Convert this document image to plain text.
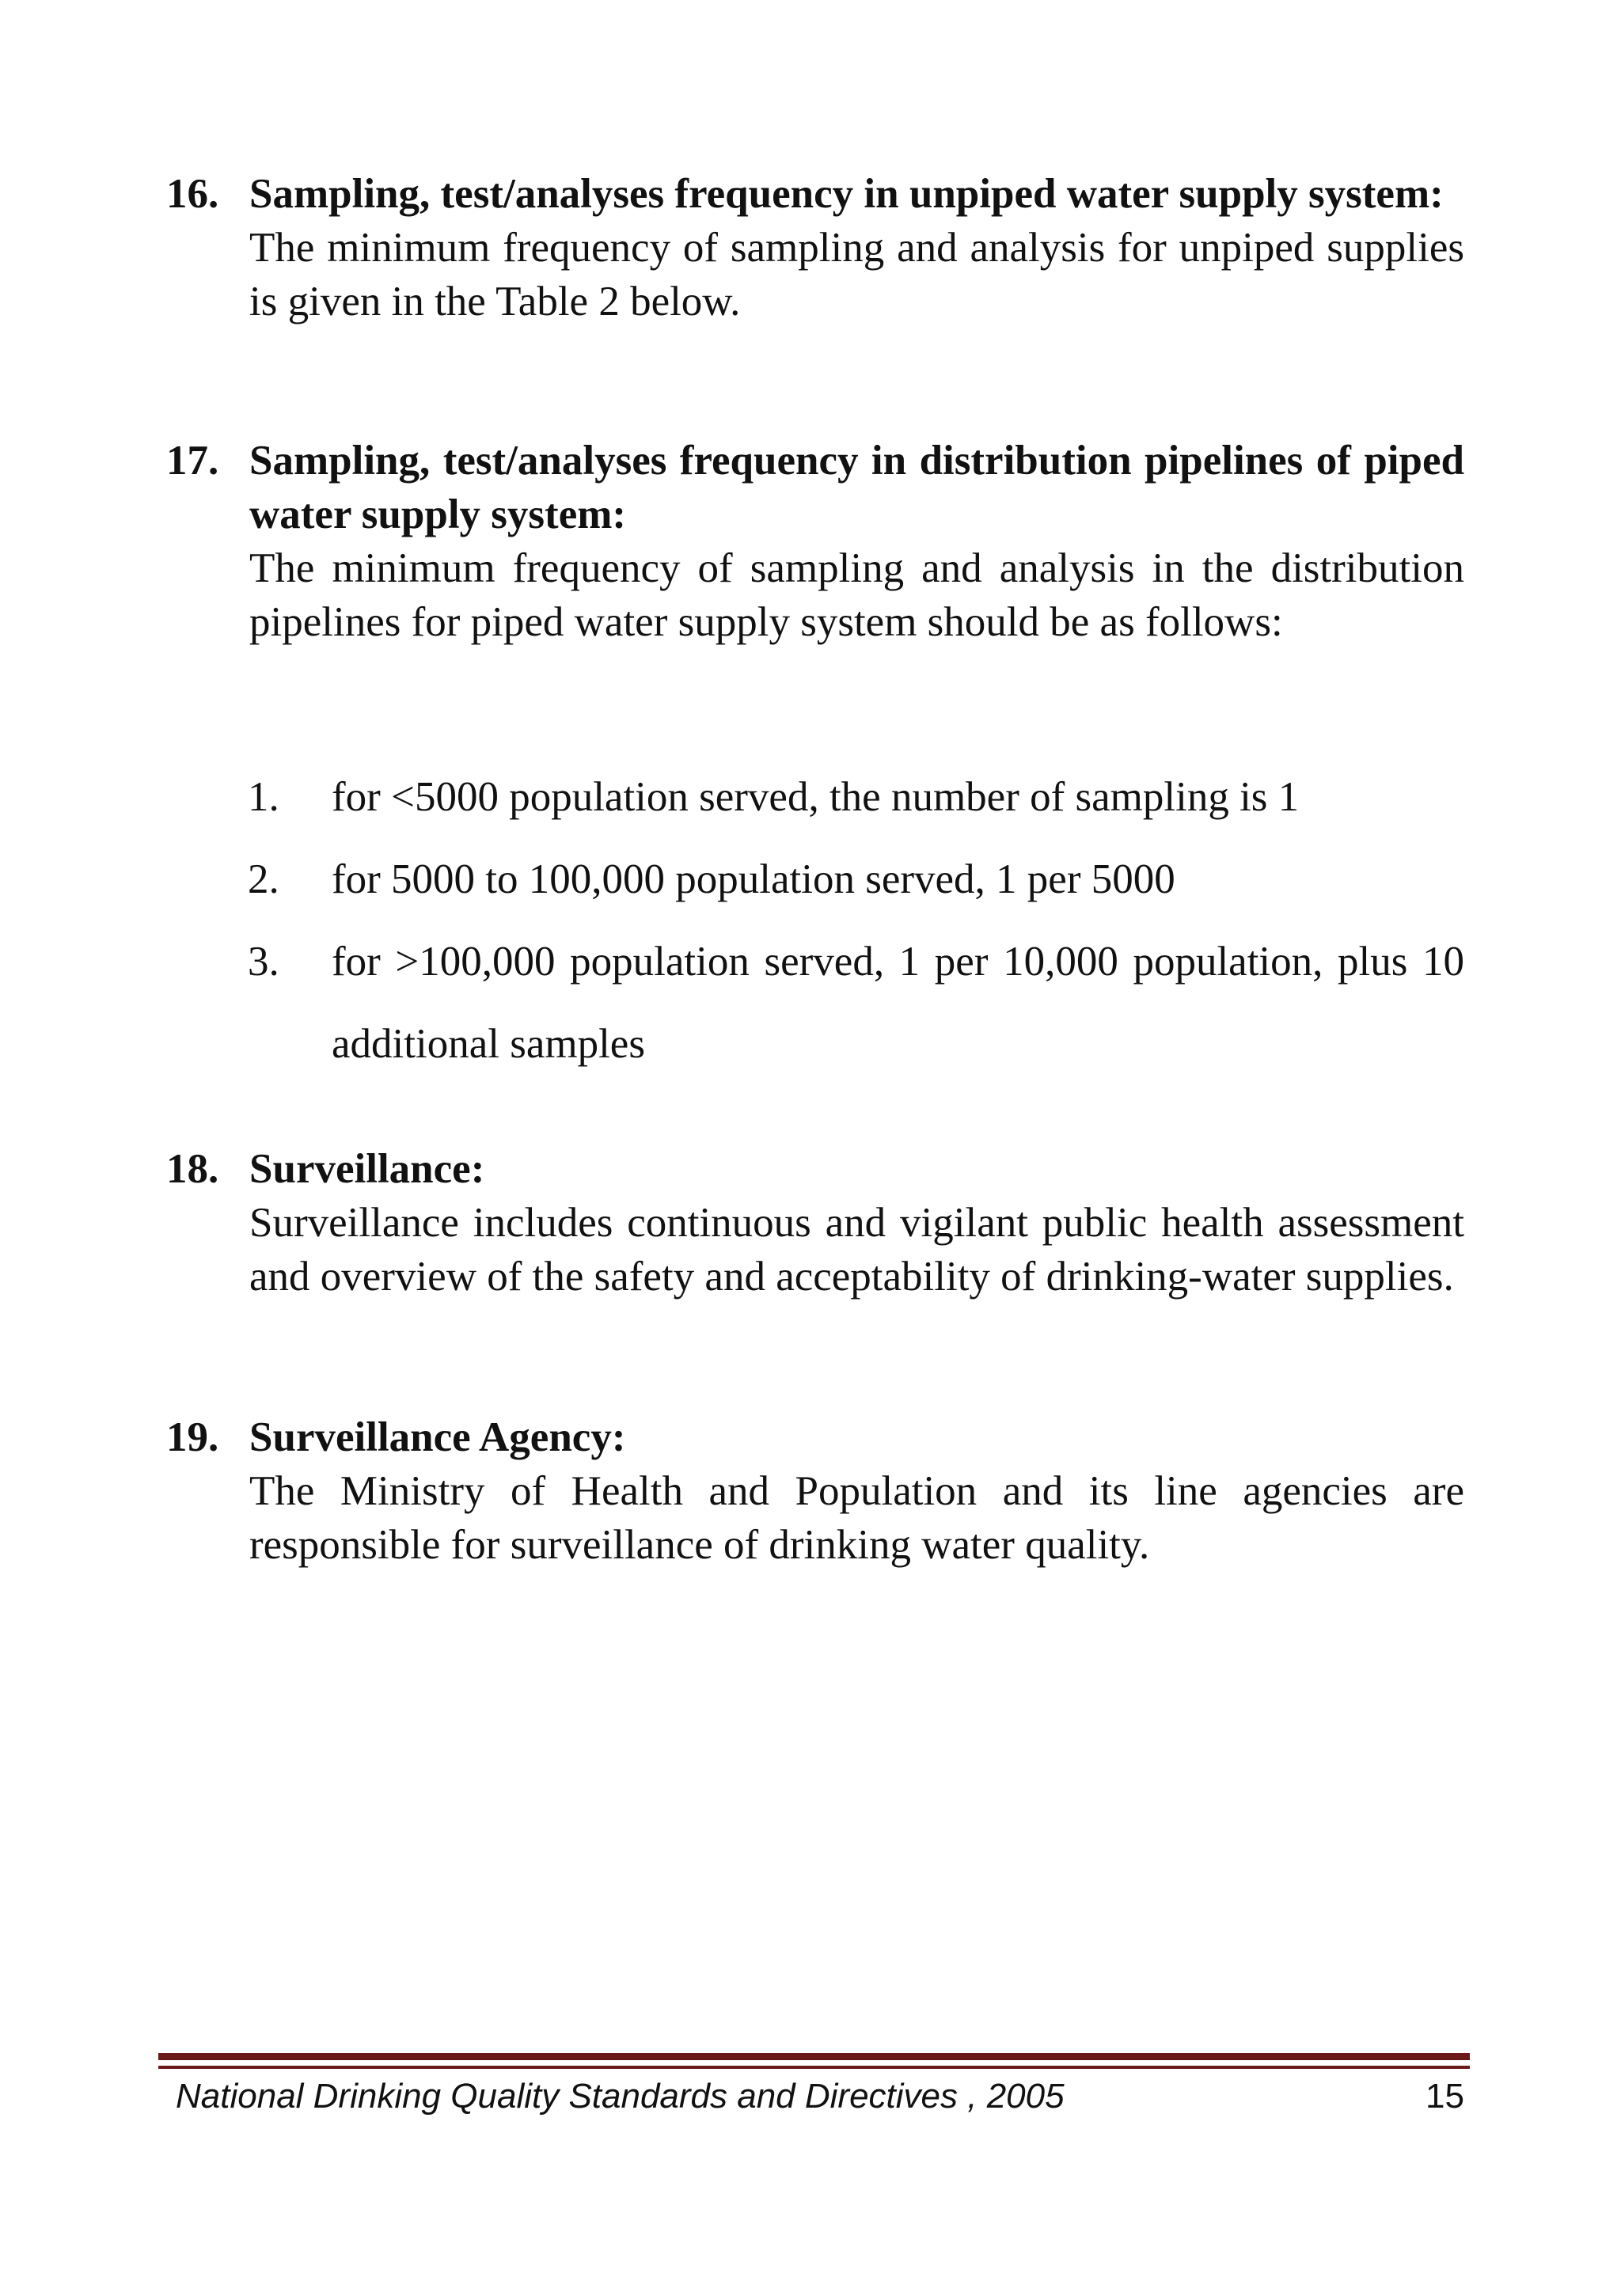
16. Sampling, test/analyses frequency in unpiped water supply system:
The minimum frequency of sampling and analysis for unpiped supplies is given in the Table 2 below.
17. Sampling, test/analyses frequency in distribution pipelines of piped water supply system:
The minimum frequency of sampling and analysis in the distribution pipelines for piped water supply system should be as follows:
1. for <5000 population served, the number of sampling is 1
2. for 5000 to 100,000 population served, 1 per 5000
3. for >100,000 population served, 1 per 10,000 population, plus 10 additional samples
18. Surveillance:
Surveillance includes continuous and vigilant public health assessment and overview of the safety and acceptability of drinking-water supplies.
19. Surveillance Agency:
The Ministry of Health and Population and its line agencies are responsible for surveillance of drinking water quality.
National Drinking Quality Standards and Directives , 2005	15
